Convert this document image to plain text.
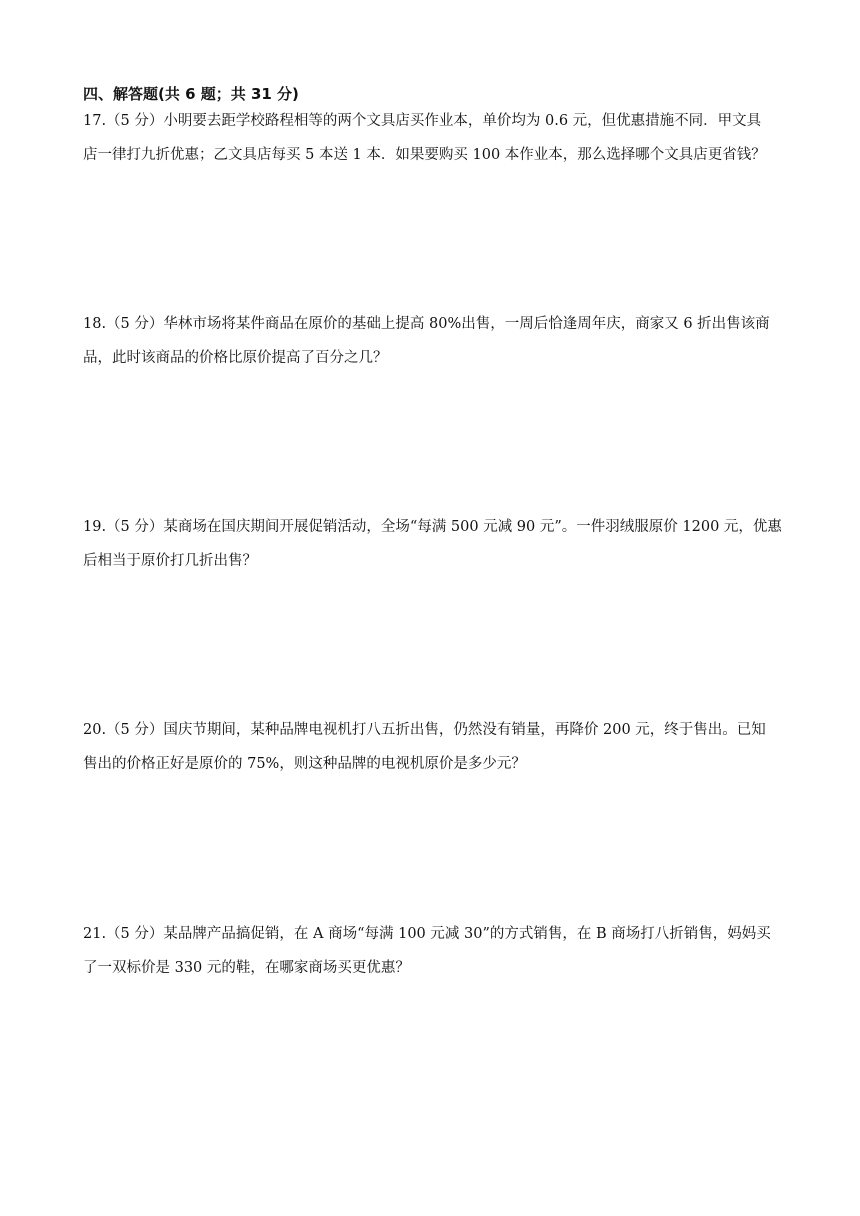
四、解答题(共 6 题；共 31 分)
17.（5 分）小明要去距学校路程相等的两个文具店买作业本，单价均为 0.6 元，但优惠措施不同．甲文具
店一律打九折优惠；乙文具店每买 5 本送 1 本．如果要购买 100 本作业本，那么选择哪个文具店更省钱？
18.（5 分）华林市场将某件商品在原价的基础上提高 80%出售，一周后恰逢周年庆，商家又 6 折出售该商
品，此时该商品的价格比原价提高了百分之几？
19.（5 分）某商场在国庆期间开展促销活动，全场“每满 500 元减 90 元”。一件羽绒服原价 1200 元，优惠
后相当于原价打几折出售？
20.（5 分）国庆节期间，某种品牌电视机打八五折出售，仍然没有销量，再降价 200 元，终于售出。已知
售出的价格正好是原价的 75%，则这种品牌的电视机原价是多少元？
21.（5 分）某品牌产品搞促销，在 A 商场“每满 100 元减 30”的方式销售，在 B 商场打八折销售，妈妈买
了一双标价是 330 元的鞋，在哪家商场买更优惠？
